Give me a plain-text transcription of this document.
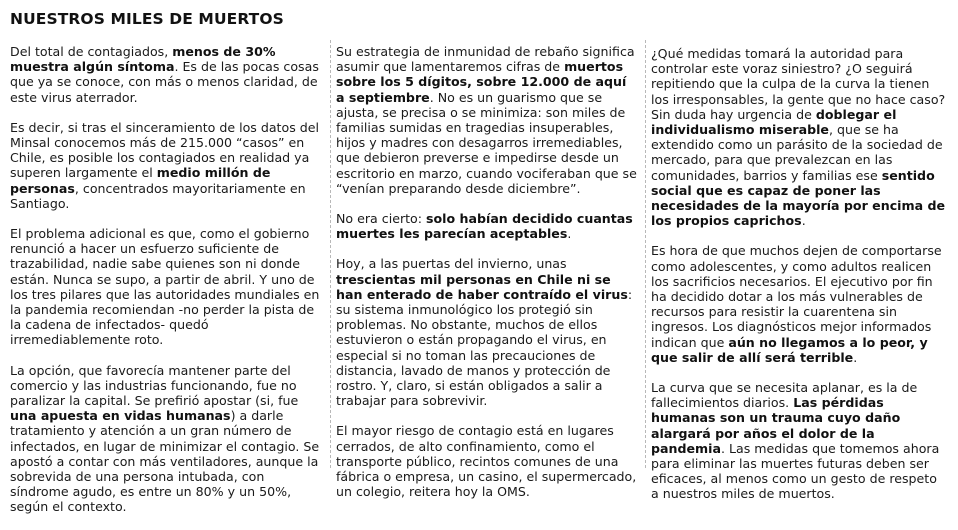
NUESTROS MILES DE MUERTOS

Del total de contagiados, menos de 30% muestra algún síntoma. Es de las pocas cosas que ya se conoce, con más o menos claridad, de este virus aterrador.

Es decir, si tras el sinceramiento de los datos del Minsal conocemos más de 215.000 “casos” en Chile, es posible los contagiados en realidad ya superen largamente el medio millón de personas, concentrados mayoritariamente en Santiago.

El problema adicional es que, como el gobierno renunció a hacer un esfuerzo suficiente de trazabilidad, nadie sabe quienes son ni donde están. Nunca se supo, a partir de abril. Y uno de los tres pilares que las autoridades mundiales en la pandemia recomiendan -no perder la pista de la cadena de infectados- quedó irremediablemente roto.

La opción, que favorecía mantener parte del comercio y las industrias funcionando, fue no paralizar la capital. Se prefirió apostar (si, fue una apuesta en vidas humanas) a darle tratamiento y atención a un gran número de infectados, en lugar de minimizar el contagio. Se apostó a contar con más ventiladores, aunque la sobrevida de una persona intubada, con síndrome agudo, es entre un 80% y un 50%, según el contexto.

Su estrategia de inmunidad de rebaño significa asumir que lamentaremos cifras de muertos sobre los 5 dígitos, sobre 12.000 de aquí a septiembre. No es un guarismo que se ajusta, se precisa o se minimiza: son miles de familias sumidas en tragedias insuperables, hijos y madres con desagarros irremediables, que debieron preverse e impedirse desde un escritorio en marzo, cuando vociferaban que se “venían preparando desde diciembre”.

No era cierto: solo habían decidido cuantas muertes les parecían aceptables.

Hoy, a las puertas del invierno, unas trescientas mil personas en Chile ni se han enterado de haber contraído el virus: su sistema inmunológico los protegió sin problemas. No obstante, muchos de ellos estuvieron o están propagando el virus, en especial si no toman las precauciones de distancia, lavado de manos y protección de rostro. Y, claro, si están obligados a salir a trabajar para sobrevivir.

El mayor riesgo de contagio está en lugares cerrados, de alto confinamiento, como el transporte público, recintos comunes de una fábrica o empresa, un casino, el supermercado, un colegio, reitera hoy la OMS.

¿Qué medidas tomará la autoridad para controlar este voraz siniestro? ¿O seguirá repitiendo que la culpa de la curva la tienen los irresponsables, la gente que no hace caso? Sin duda hay urgencia de doblegar el individualismo miserable, que se ha extendido como un parásito de la sociedad de mercado, para que prevalezcan en las comunidades, barrios y familias ese sentido social que es capaz de poner las necesidades de la mayoría por encima de los propios caprichos.

Es hora de que muchos dejen de comportarse como adolescentes, y como adultos realicen los sacrificios necesarios. El ejecutivo por fin ha decidido dotar a los más vulnerables de recursos para resistir la cuarentena sin ingresos. Los diagnósticos mejor informados indican que aún no llegamos a lo peor, y que salir de allí será terrible.

La curva que se necesita aplanar, es la de fallecimientos diarios. Las pérdidas humanas son un trauma cuyo daño alargará por años el dolor de la pandemia. Las medidas que tomemos ahora para eliminar las muertes futuras deben ser eficaces, al menos como un gesto de respeto a nuestros miles de muertos.
